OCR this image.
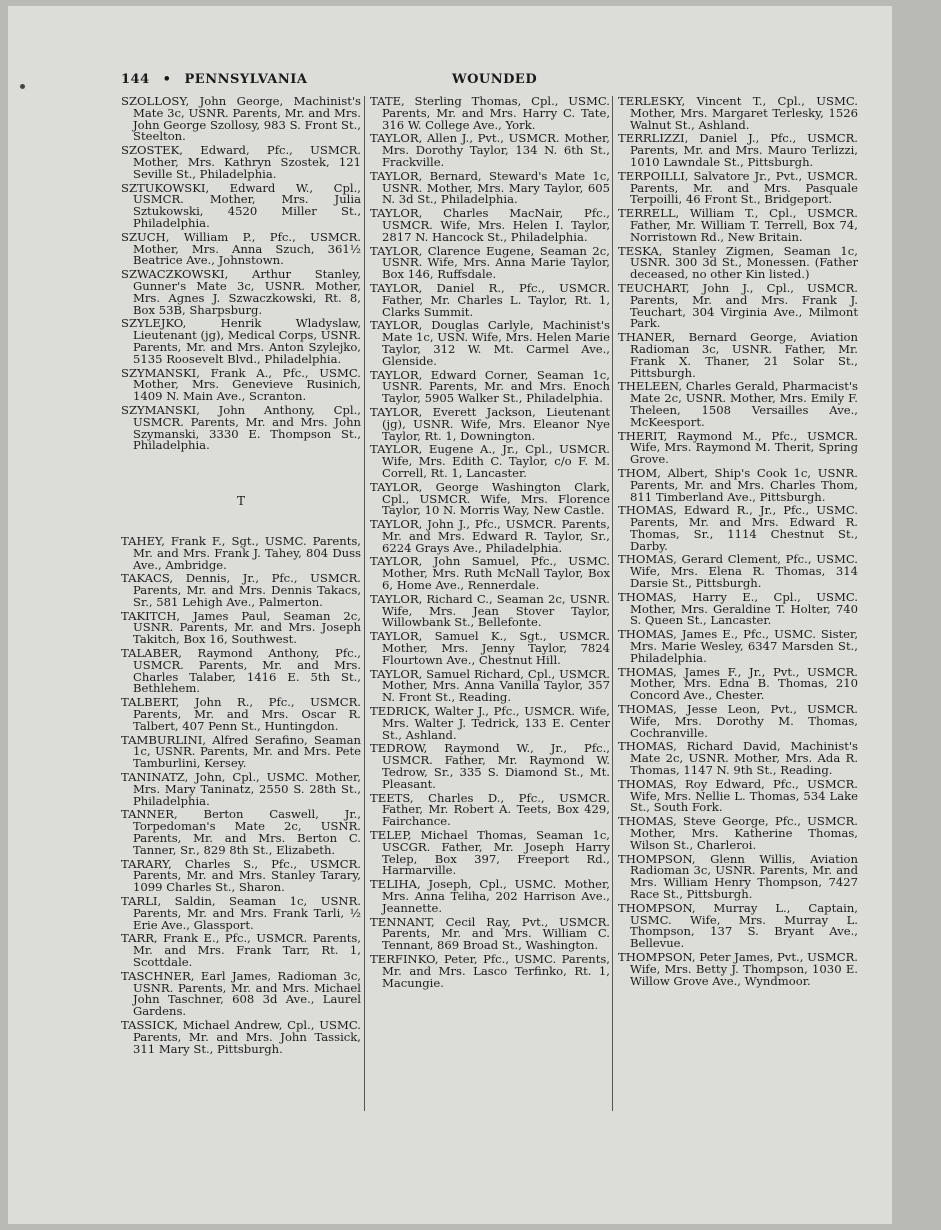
144 • PENNSYLVANIA	WOUNDED

SZOLLOSY, John George, Machinist's Mate 3c, USNR. Parents, Mr. and Mrs. John George Szollosy, 983 S. Front St., Steelton.

SZOSTEK, Edward, Pfc., USMCR. Mother, Mrs. Kathryn Szostek, 121 Seville St., Philadelphia.

SZTUKOWSKI, Edward W., Cpl., USMCR. Mother, Mrs. Julia Sztukowski, 4520 Miller St., Philadelphia.

SZUCH, William P., Pfc., USMCR. Mother, Mrs. Anna Szuch, 361½ Beatrice Ave., Johnstown.

SZWACZKOWSKI, Arthur Stanley, Gunner's Mate 3c, USNR. Mother, Mrs. Agnes J. Szwaczkowski, Rt. 8, Box 53B, Sharpsburg.

SZYLEJKO, Henrik Wladyslaw, Lieutenant (jg), Medical Corps, USNR. Parents, Mr. and Mrs. Anton Szylejko, 5135 Roosevelt Blvd., Philadelphia.

SZYMANSKI, Frank A., Pfc., USMC. Mother, Mrs. Genevieve Rusinich, 1409 N. Main Ave., Scranton.

SZYMANSKI, John Anthony, Cpl., USMCR. Parents, Mr. and Mrs. John Szymanski, 3330 E. Thompson St., Philadelphia.

T

TAHEY, Frank F., Sgt., USMC. Parents, Mr. and Mrs. Frank J. Tahey, 804 Duss Ave., Ambridge.

TAKACS, Dennis, Jr., Pfc., USMCR. Parents, Mr. and Mrs. Dennis Takacs, Sr., 581 Lehigh Ave., Palmerton.

TAKITCH, James Paul, Seaman 2c, USNR. Parents, Mr. and Mrs. Joseph Takitch, Box 16, Southwest.

TALABER, Raymond Anthony, Pfc., USMCR. Parents, Mr. and Mrs. Charles Talaber, 1416 E. 5th St., Bethlehem.

TALBERT, John R., Pfc., USMCR. Parents, Mr. and Mrs. Oscar R. Talbert, 407 Penn St., Huntingdon.

TAMBURLINI, Alfred Serafino, Seaman 1c, USNR. Parents, Mr. and Mrs. Pete Tamburlini, Kersey.

TANINATZ, John, Cpl., USMC. Mother, Mrs. Mary Taninatz, 2550 S. 28th St., Philadelphia.

TANNER, Berton Caswell, Jr., Torpedoman's Mate 2c, USNR. Parents, Mr. and Mrs. Berton C. Tanner, Sr., 829 8th St., Elizabeth.

TARARY, Charles S., Pfc., USMCR. Parents, Mr. and Mrs. Stanley Tarary, 1099 Charles St., Sharon.

TARLI, Saldin, Seaman 1c, USNR. Parents, Mr. and Mrs. Frank Tarli, ½ Erie Ave., Glassport.

TARR, Frank E., Pfc., USMCR. Parents, Mr. and Mrs. Frank Tarr, Rt. 1, Scottdale.

TASCHNER, Earl James, Radioman 3c, USNR. Parents, Mr. and Mrs. Michael John Taschner, 608 3d Ave., Laurel Gardens.

TASSICK, Michael Andrew, Cpl., USMC. Parents, Mr. and Mrs. John Tassick, 311 Mary St., Pittsburgh.

TATE, Sterling Thomas, Cpl., USMC. Parents, Mr. and Mrs. Harry C. Tate, 316 W. College Ave., York.

TAYLOR, Allen J., Pvt., USMCR. Mother, Mrs. Dorothy Taylor, 134 N. 6th St., Frackville.

TAYLOR, Bernard, Steward's Mate 1c, USNR. Mother, Mrs. Mary Taylor, 605 N. 3d St., Philadelphia.

TAYLOR, Charles MacNair, Pfc., USMCR. Wife, Mrs. Helen I. Taylor, 2817 N. Hancock St., Philadelphia.

TAYLOR, Clarence Eugene, Seaman 2c, USNR. Wife, Mrs. Anna Marie Taylor, Box 146, Ruffsdale.

TAYLOR, Daniel R., Pfc., USMCR. Father, Mr. Charles L. Taylor, Rt. 1, Clarks Summit.

TAYLOR, Douglas Carlyle, Machinist's Mate 1c, USN. Wife, Mrs. Helen Marie Taylor, 312 W. Mt. Carmel Ave., Glenside.

TAYLOR, Edward Corner, Seaman 1c, USNR. Parents, Mr. and Mrs. Enoch Taylor, 5905 Walker St., Philadelphia.

TAYLOR, Everett Jackson, Lieutenant (jg), USNR. Wife, Mrs. Eleanor Nye Taylor, Rt. 1, Downington.

TAYLOR, Eugene A., Jr., Cpl., USMCR. Wife, Mrs. Edith C. Taylor, c/o F. M. Correll, Rt. 1, Lancaster.

TAYLOR, George Washington Clark, Cpl., USMCR. Wife, Mrs. Florence Taylor, 10 N. Morris Way, New Castle.

TAYLOR, John J., Pfc., USMCR. Parents, Mr. and Mrs. Edward R. Taylor, Sr., 6224 Grays Ave., Philadelphia.

TAYLOR, John Samuel, Pfc., USMC. Mother, Mrs. Ruth McNall Taylor, Box 6, Home Ave., Rennerdale.

TAYLOR, Richard C., Seaman 2c, USNR. Wife, Mrs. Jean Stover Taylor, Willowbank St., Bellefonte.

TAYLOR, Samuel K., Sgt., USMCR. Mother, Mrs. Jenny Taylor, 7824 Flourtown Ave., Chestnut Hill.

TAYLOR, Samuel Richard, Cpl., USMCR. Mother, Mrs. Anna Vanilla Taylor, 357 N. Front St., Reading.

TEDRICK, Walter J., Pfc., USMCR. Wife, Mrs. Walter J. Tedrick, 133 E. Center St., Ashland.

TEDROW, Raymond W., Jr., Pfc., USMCR. Father, Mr. Raymond W. Tedrow, Sr., 335 S. Diamond St., Mt. Pleasant.

TEETS, Charles D., Pfc., USMCR. Father, Mr. Robert A. Teets, Box 429, Fairchance.

TELEP, Michael Thomas, Seaman 1c, USCGR. Father, Mr. Joseph Harry Telep, Box 397, Freeport Rd., Harmarville.

TELIHA, Joseph, Cpl., USMC. Mother, Mrs. Anna Teliha, 202 Harrison Ave., Jeannette.

TENNANT, Cecil Ray, Pvt., USMCR. Parents, Mr. and Mrs. William C. Tennant, 869 Broad St., Washington.

TERFINKO, Peter, Pfc., USMC. Parents, Mr. and Mrs. Lasco Terfinko, Rt. 1, Macungie.

TERLESKY, Vincent T., Cpl., USMC. Mother, Mrs. Margaret Terlesky, 1526 Walnut St., Ashland.

TERRLIZZI, Daniel J., Pfc., USMCR. Parents, Mr. and Mrs. Mauro Terlizzi, 1010 Lawndale St., Pittsburgh.

TERPOILLI, Salvatore Jr., Pvt., USMCR. Parents, Mr. and Mrs. Pasquale Terpoilli, 46 Front St., Bridgeport.

TERRELL, William T., Cpl., USMCR. Father, Mr. William T. Terrell, Box 74, Norristown Rd., New Britain.

TESKA, Stanley Zigmen, Seaman 1c, USNR. 300 3d St., Monessen. (Father deceased, no other Kin listed.)

TEUCHART, John J., Cpl., USMCR. Parents, Mr. and Mrs. Frank J. Teuchart, 304 Virginia Ave., Milmont Park.

THANER, Bernard George, Aviation Radioman 3c, USNR. Father, Mr. Frank X. Thaner, 21 Solar St., Pittsburgh.

THELEEN, Charles Gerald, Pharmacist's Mate 2c, USNR. Mother, Mrs. Emily F. Theleen, 1508 Versailles Ave., McKeesport.

THERIT, Raymond M., Pfc., USMCR. Wife, Mrs. Raymond M. Therit, Spring Grove.

THOM, Albert, Ship's Cook 1c, USNR. Parents, Mr. and Mrs. Charles Thom, 811 Timberland Ave., Pittsburgh.

THOMAS, Edward R., Jr., Pfc., USMC. Parents, Mr. and Mrs. Edward R. Thomas, Sr., 1114 Chestnut St., Darby.

THOMAS, Gerard Clement, Pfc., USMC. Wife, Mrs. Elena R. Thomas, 314 Darsie St., Pittsburgh.

THOMAS, Harry E., Cpl., USMC. Mother, Mrs. Geraldine T. Holter, 740 S. Queen St., Lancaster.

THOMAS, James E., Pfc., USMC. Sister, Mrs. Marie Wesley, 6347 Marsden St., Philadelphia.

THOMAS, James F., Jr., Pvt., USMCR. Mother, Mrs. Edna B. Thomas, 210 Concord Ave., Chester.

THOMAS, Jesse Leon, Pvt., USMCR. Wife, Mrs. Dorothy M. Thomas, Cochranville.

THOMAS, Richard David, Machinist's Mate 2c, USNR. Mother, Mrs. Ada R. Thomas, 1147 N. 9th St., Reading.

THOMAS, Roy Edward, Pfc., USMCR. Wife, Mrs. Nellie L. Thomas, 534 Lake St., South Fork.

THOMAS, Steve George, Pfc., USMCR. Mother, Mrs. Katherine Thomas, Wilson St., Charleroi.

THOMPSON, Glenn Willis, Aviation Radioman 3c, USNR. Parents, Mr. and Mrs. William Henry Thompson, 7427 Race St., Pittsburgh.

THOMPSON, Murray L., Captain, USMC. Wife, Mrs. Murray L. Thompson, 137 S. Bryant Ave., Bellevue.

THOMPSON, Peter James, Pvt., USMCR. Wife, Mrs. Betty J. Thompson, 1030 E. Willow Grove Ave., Wyndmoor.
